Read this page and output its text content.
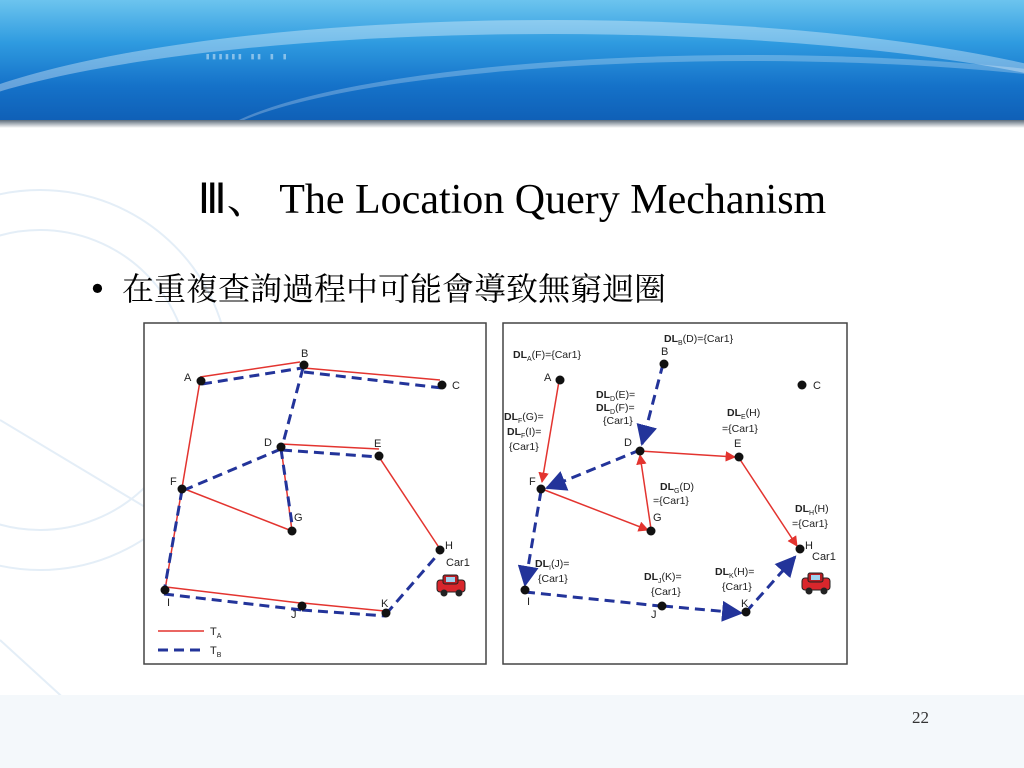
▮▮▮▮▮▮ ▮▮ ▮ ▮
Ⅲ、 The Location Query Mechanism
• 在重複查詢過程中可能會導致無窮迴圈
A
B
C
D	E
F
G
H
Car1
I
J
K
$T_A$
$T_B$
A
B
C
D	E
F
G
H
Car1
I
J
K
$DL_A(F)=\{Car1\}$
$DL_B(D)=\{Car1\}$
$DL_D(E)=$
$DL_D(F)=$
{Car1}
$DL_F(G)=$
$DL_F(I)=$
{Car1}
$DL_E(H)$
={Car1}
$DL_G(D)$
={Car1}
$DL_H(H)$
={Car1}
$DL_I(J)=$
{Car1}	$DL_J(K)=$
{Car1}
$DL_K(H)=$
{Car1}
22
